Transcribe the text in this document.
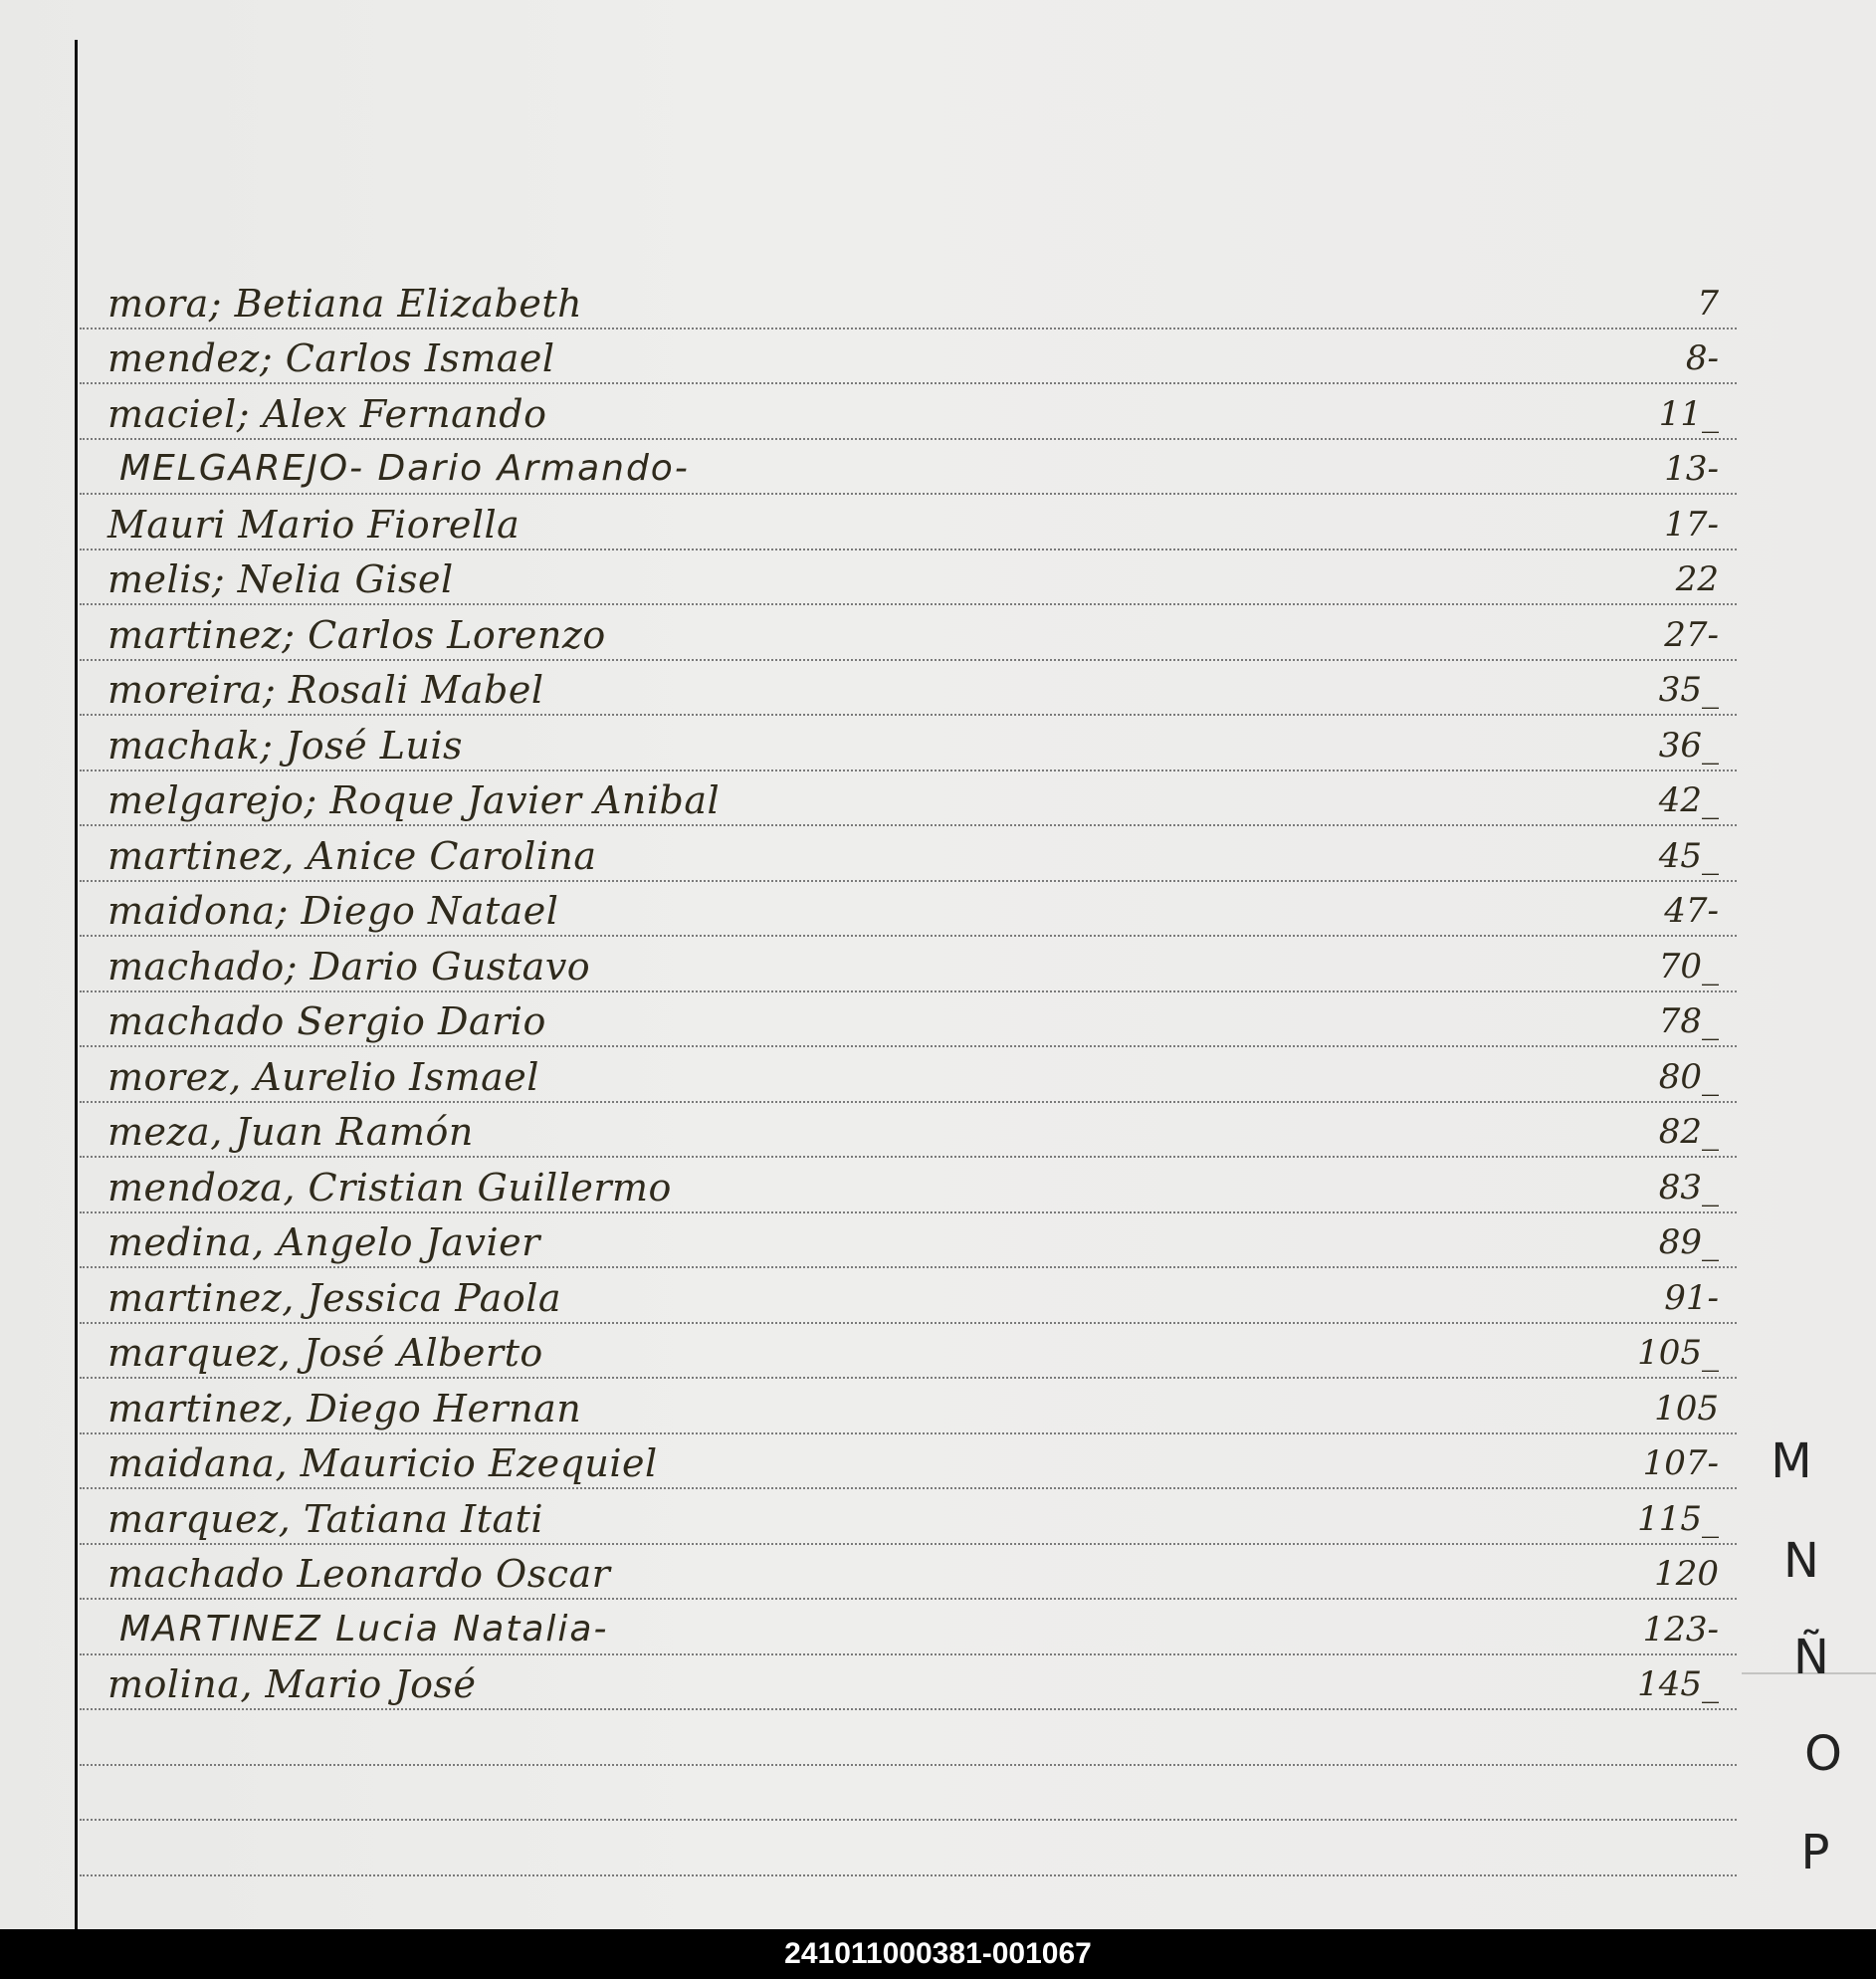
mora; Betiana Elizabeth	7
mendez; Carlos Ismael	8-
maciel; Alex Fernando	11_
MELGAREJO- Dario Armando-	13-
Mauri Mario Fiorella	17-
melis; Nelia Gisel	22
martinez; Carlos Lorenzo	27-
moreira; Rosali Mabel	35_
machak; José Luis	36_
melgarejo; Roque Javier Anibal	42_
martinez, Anice Carolina	45_
maidona; Diego Natael	47-
machado; Dario Gustavo	70_
machado Sergio Dario	78_
morez, Aurelio Ismael	80_
meza, Juan Ramón	82_
mendoza, Cristian Guillermo	83_
medina, Angelo Javier	89_
martinez, Jessica Paola	91-
marquez, José Alberto	105_
martinez, Diego Hernan	105
maidana, Mauricio Ezequiel	107-
marquez, Tatiana Itati	115_
machado Leonardo Oscar	120
MARTINEZ Lucia Natalia-	123-
molina, Mario José	145_
M
N
Ñ
O
P
241011000381-001067
